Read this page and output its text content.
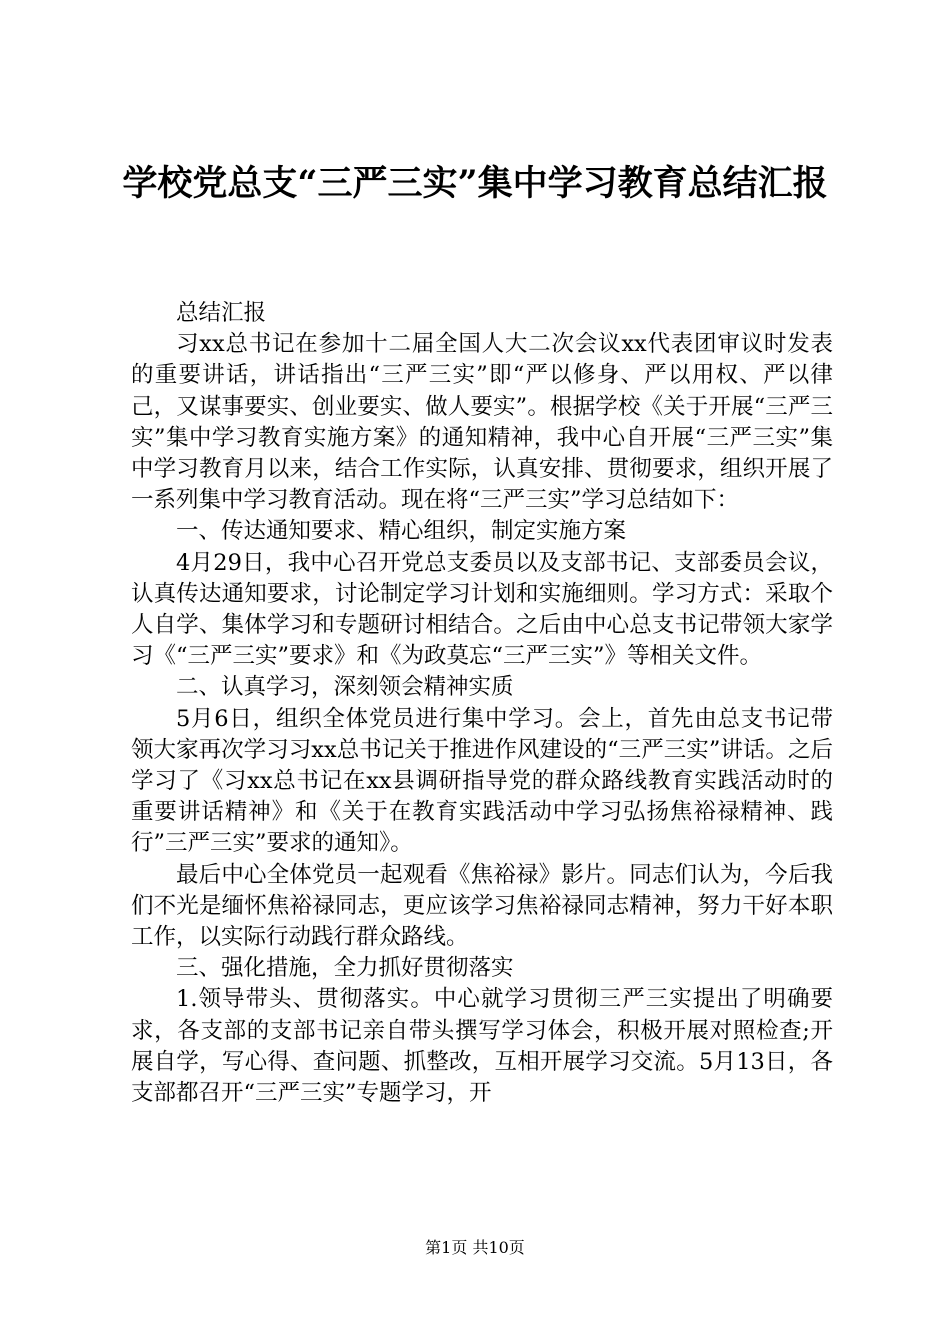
学校党总支“三严三实”集中学习教育总结汇报

总结汇报

习xx总书记在参加十二届全国人大二次会议xx代表团审议时发表的重要讲话，讲话指出“三严三实”即“严以修身、严以用权、严以律己，又谋事要实、创业要实、做人要实”。根据学校《关于开展“三严三实”集中学习教育实施方案》的通知精神，我中心自开展“三严三实”集中学习教育月以来，结合工作实际，认真安排、贯彻要求，组织开展了一系列集中学习教育活动。现在将“三严三实”学习总结如下：

一、传达通知要求、精心组织，制定实施方案

4月29日，我中心召开党总支委员以及支部书记、支部委员会议，认真传达通知要求，讨论制定学习计划和实施细则。学习方式：采取个人自学、集体学习和专题研讨相结合。之后由中心总支书记带领大家学习《“三严三实”要求》和《为政莫忘“三严三实”》等相关文件。

二、认真学习，深刻领会精神实质

5月6日，组织全体党员进行集中学习。会上，首先由总支书记带领大家再次学习习xx总书记关于推进作风建设的“三严三实”讲话。之后学习了《习xx总书记在xx县调研指导党的群众路线教育实践活动时的重要讲话精神》和《关于在教育实践活动中学习弘扬焦裕禄精神、践行”三严三实”要求的通知》。

最后中心全体党员一起观看《焦裕禄》影片。同志们认为，今后我们不光是缅怀焦裕禄同志，更应该学习焦裕禄同志精神，努力干好本职工作，以实际行动践行群众路线。

三、强化措施，全力抓好贯彻落实

1.领导带头、贯彻落实。中心就学习贯彻三严三实提出了明确要求，各支部的支部书记亲自带头撰写学习体会，积极开展对照检查;开展自学，写心得、查问题、抓整改，互相开展学习交流。5月13日，各支部都召开“三严三实”专题学习，开

第1页 共10页
